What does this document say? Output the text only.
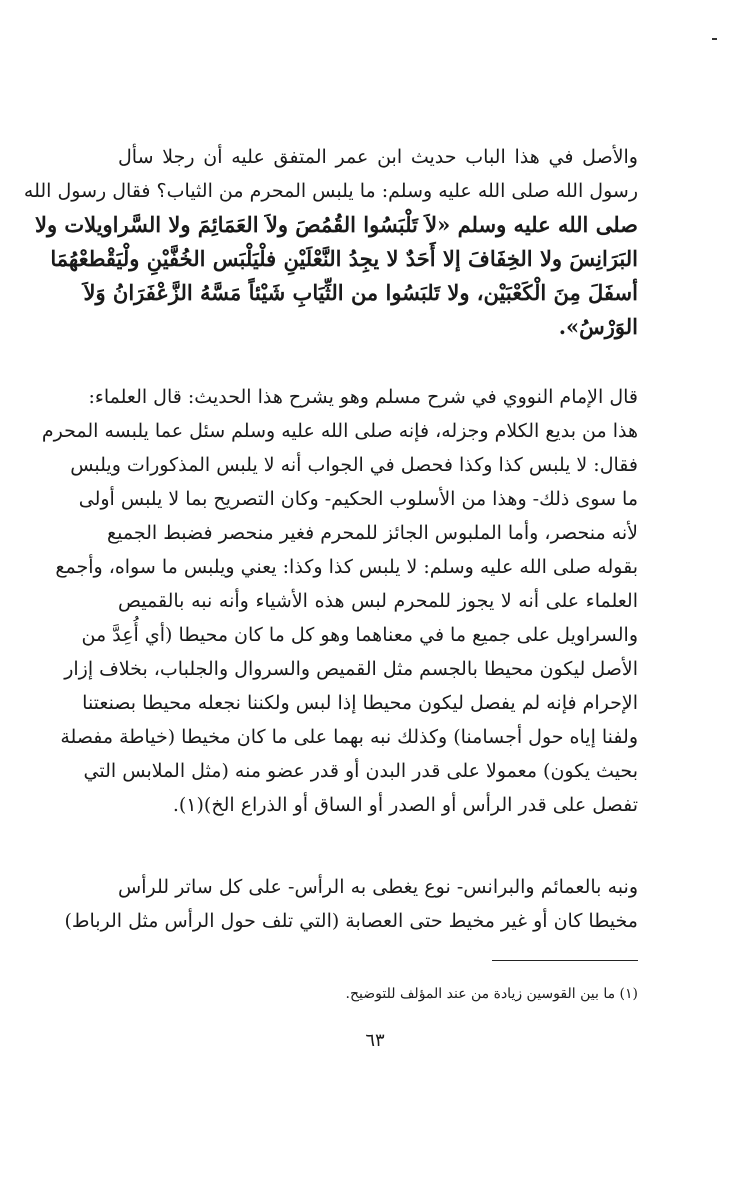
والأصل في هذا الباب حديث ابن عمر المتفق عليه أن رجلا سأل
رسول الله صلى الله عليه وسلم: ما يلبس المحرم من الثياب؟ فقال رسول الله
صلى الله عليه وسلم «لاَ تَلْبَسُوا القُمُصَ ولاَ العَمَائِمَ ولا السَّراويلات ولا
البَرَانِسَ ولا الخِفَافَ إلا أَحَدٌ لا يجِدُ النَّعْلَيْنِ فلْيَلْبَس الخُفَّيْنِ ولْيَقْطعْهُمَا
أسفَلَ مِنَ الْكَعْبَيْن، ولا تَلبَسُوا من الثِّيَابِ شَيْئاً مَسَّهُ الزَّعْفَرَانُ وَلاَ
الوَرْسُ».
قال الإمام النووي في شرح مسلم وهو يشرح هذا الحديث: قال العلماء:
هذا من بديع الكلام وجزله، فإنه صلى الله عليه وسلم سئل عما يلبسه المحرم
فقال: لا يلبس كذا وكذا فحصل في الجواب أنه لا يلبس المذكورات ويلبس
ما سوى ذلك- وهذا من الأسلوب الحكيم- وكان التصريح بما لا يلبس أولى
لأنه منحصر، وأما الملبوس الجائز للمحرم فغير منحصر فضبط الجميع
بقوله صلى الله عليه وسلم: لا يلبس كذا وكذا: يعني ويلبس ما سواه، وأجمع
العلماء على أنه لا يجوز للمحرم لبس هذه الأشياء وأنه نبه بالقميص
والسراويل على جميع ما في معناهما وهو كل ما كان محيطا (أي أُعِدَّ من
الأصل ليكون محيطا بالجسم مثل القميص والسروال والجلباب، بخلاف إزار
الإحرام فإنه لم يفصل ليكون محيطا إذا لبس ولكننا نجعله محيطا بصنعتنا
ولفنا إياه حول أجسامنا) وكذلك نبه بهما على ما كان مخيطا (خياطة مفصلة
بحيث يكون) معمولا على قدر البدن أو قدر عضو منه (مثل الملابس التي
تفصل على قدر الرأس أو الصدر أو الساق أو الذراع الخ)(١).
ونبه بالعمائم والبرانس- نوع يغطى به الرأس- على كل ساتر للرأس
مخيطا كان أو غير مخيط حتى العصابة (التي تلف حول الرأس مثل الرباط)
(١) ما بين القوسين زيادة من عند المؤلف للتوضيح.
٦٣
